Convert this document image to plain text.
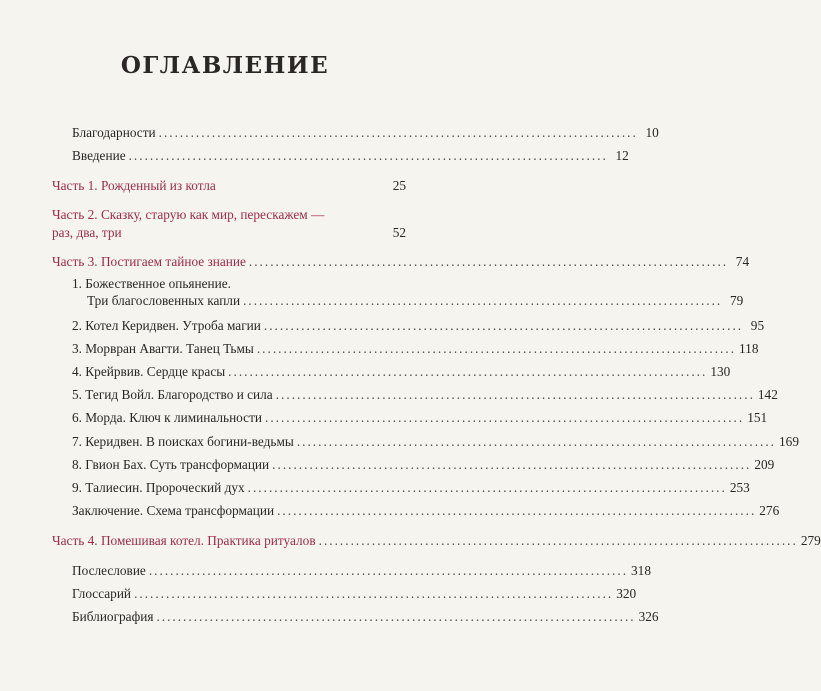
ОГЛАВЛЕНИЕ
Благодарности .......................................................................................... 10
Введение .......................................................................................... 12
Часть 1. Рожденный из котла	25
Часть 2. Сказку, старую как мир, перескажем —
раз, два, три	52
Часть 3. Постигаем тайное знание .......................................................................................... 74
1. Божественное опьянение.
Три благословенных капли .......................................................................................... 79
2. Котел Керидвен. Утроба магии .......................................................................................... 95
3. Морвран Авагти. Танец Тьмы .......................................................................................... 118
4. Крейрвив. Сердце красы .......................................................................................... 130
5. Тегид Войл. Благородство и сила .......................................................................................... 142
6. Морда. Ключ к лиминальности .......................................................................................... 151
7. Керидвен. В поисках богини-ведьмы .......................................................................................... 169
8. Гвион Бах. Суть трансформации .......................................................................................... 209
9. Талиесин. Пророческий дух .......................................................................................... 253
Заключение. Схема трансформации .......................................................................................... 276
Часть 4. Помешивая котел. Практика ритуалов .......................................................................................... 279
Послесловие .......................................................................................... 318
Глоссарий .......................................................................................... 320
Библиография .......................................................................................... 326
